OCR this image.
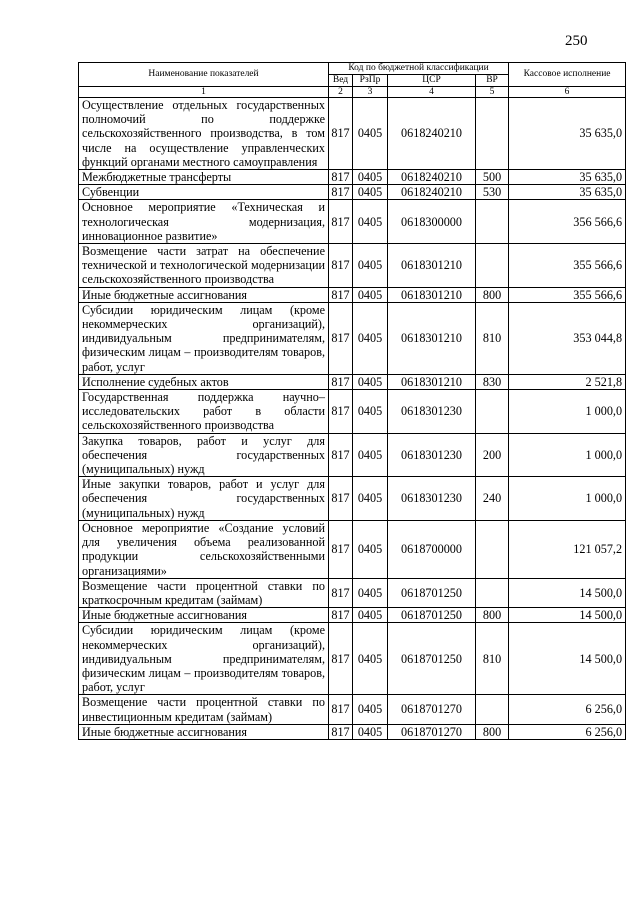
250
Наименование показателей	Код по бюджетной классификации				Кассовое исполнение
	Вед	РзПр	ЦСР	ВР	
1	2	3	4	5	6
Осуществление отдельных государственных полномочий по поддержке сельскохозяйственного производства, в том числе на осуществление управленческих функций органами местного самоуправления	817	0405	0618240210		35 635,0
Межбюджетные трансферты	817	0405	0618240210	500	35 635,0
Субвенции	817	0405	0618240210	530	35 635,0
Основное мероприятие «Техническая и технологическая модернизация, инновационное развитие»	817	0405	0618300000		356 566,6
Возмещение части затрат на обеспечение технической и технологической модернизации сельскохозяйственного производства	817	0405	0618301210		355 566,6
Иные бюджетные ассигнования	817	0405	0618301210	800	355 566,6
Субсидии юридическим лицам (кроме некоммерческих организаций), индивидуальным предпринимателям, физическим лицам – производителям товаров, работ, услуг	817	0405	0618301210	810	353 044,8
Исполнение судебных актов	817	0405	0618301210	830	2 521,8
Государственная поддержка научно–исследовательских работ в области сельскохозяйственного производства	817	0405	0618301230		1 000,0
Закупка товаров, работ и услуг для обеспечения государственных (муниципальных) нужд	817	0405	0618301230	200	1 000,0
Иные закупки товаров, работ и услуг для обеспечения государственных (муниципальных) нужд	817	0405	0618301230	240	1 000,0
Основное мероприятие «Создание условий для увеличения объема реализованной продукции сельскохозяйственными организациями»	817	0405	0618700000		121 057,2
Возмещение части процентной ставки по краткосрочным кредитам (займам)	817	0405	0618701250		14 500,0
Иные бюджетные ассигнования	817	0405	0618701250	800	14 500,0
Субсидии юридическим лицам (кроме некоммерческих организаций), индивидуальным предпринимателям, физическим лицам – производителям товаров, работ, услуг	817	0405	0618701250	810	14 500,0
Возмещение части процентной ставки по инвестиционным кредитам (займам)	817	0405	0618701270		6 256,0
Иные бюджетные ассигнования	817	0405	0618701270	800	6 256,0
